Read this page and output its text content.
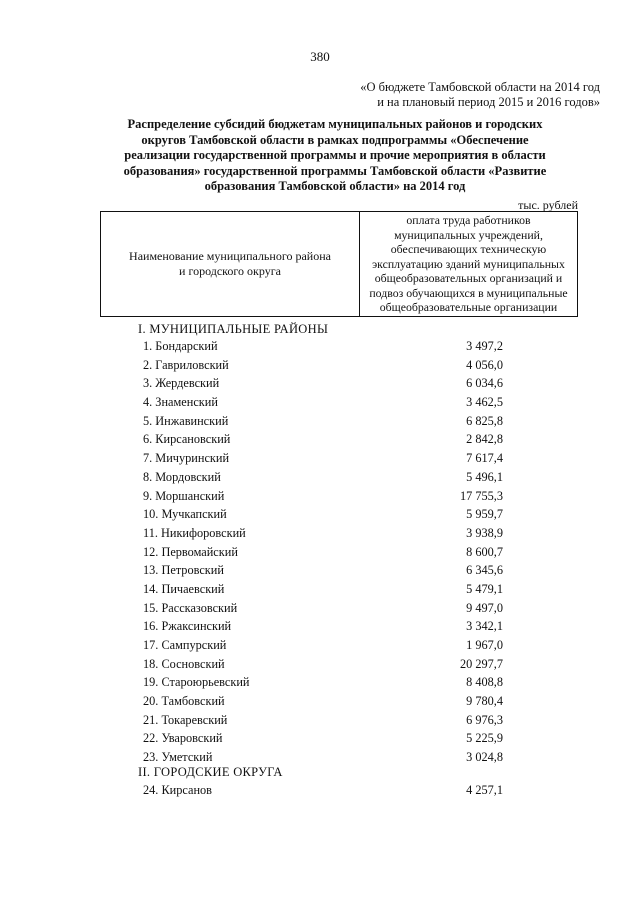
380
«О бюджете Тамбовской области на 2014 год
и на плановый период 2015 и 2016 годов»
Распределение субсидий бюджетам муниципальных районов и городских
округов Тамбовской области в рамках подпрограммы «Обеспечение
реализации государственной программы и прочие мероприятия в области
образования» государственной программы Тамбовской области «Развитие
образования Тамбовской области» на 2014 год
тыс. рублей
Наименование муниципального района
и городского округа
оплата труда работников
муниципальных учреждений,
обеспечивающих техническую
эксплуатацию зданий муниципальных
общеобразовательных организаций и
подвоз обучающихся в муниципальные
общеобразовательные организации
I. МУНИЦИПАЛЬНЫЕ РАЙОНЫ
1. Бондарский	3 497,2
2. Гавриловский	4 056,0
3. Жердевский	6 034,6
4. Знаменский	3 462,5
5. Инжавинский	6 825,8
6. Кирсановский	2 842,8
7. Мичуринский	7 617,4
8. Мордовский	5 496,1
9. Моршанский	17 755,3
10. Мучкапский	5 959,7
11. Никифоровский	3 938,9
12. Первомайский	8 600,7
13. Петровский	6 345,6
14. Пичаевский	5 479,1
15. Рассказовский	9 497,0
16. Ржаксинский	3 342,1
17. Сампурский	1 967,0
18. Сосновский	20 297,7
19. Староюрьевский	8 408,8
20. Тамбовский	9 780,4
21. Токаревский	6 976,3
22. Уваровский	5 225,9
23. Уметский	3 024,8
II. ГОРОДСКИЕ ОКРУГА
24. Кирсанов	4 257,1
